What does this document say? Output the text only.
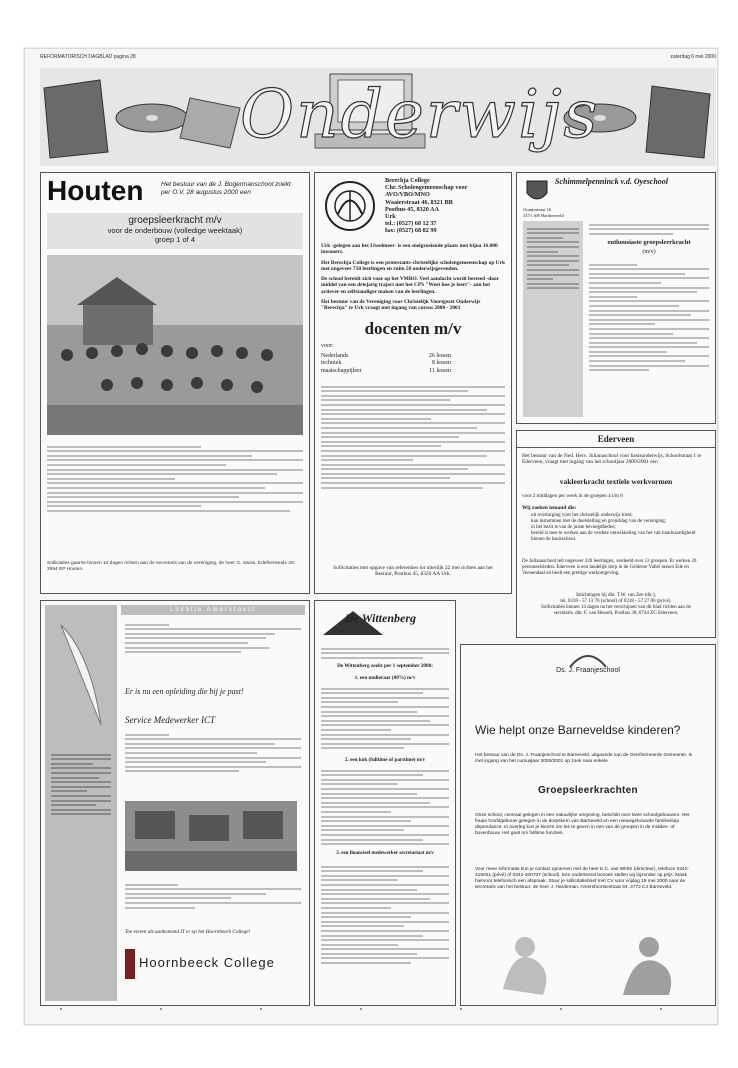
REFORMATORISCH DAGBLAD pagina 28	zaterdag 6 mei 2000
Onderwijs
Houten	Het bestuur van de J. Bogermanschool zoekt per O.V. 28 augustus 2000 een
groepsleerkracht m/v
voor de onderbouw (volledige weektaak)
groep 1 of 4
Solliciaties gaarne binnen 10 dagen richten aan de secretaris van de vereniging, de heer G. Swiss, Edelherweide 29, 3994 EP Houten.
Berechja College
Chr. Scholengemeenschap voor
AVO/VBO/MNO
Waaierstraat 46, 8321 BB
Postbus 45, 8320 AA
Urk
tel.: (0527) 68 12 37
fax: (0527) 68 82 99

Urk -gelegen aan het IJsselmeer- is een snelgroeiende plaats met bijna 16.000 inwoners.

Het Berechja College is een protestants-christelijke scholengemeenschap op Urk met ongeveer 750 leerlingen en ruim 50 onderwijsgevenden.

De school bereidt zich voor op het VMBO. Veel aandacht wordt besteed -door middel van een driejarig traject met het CPS "Weet hoe je leert"- aan het actiever en zelfstandiger maken van de leerlingen.

Het bestuur van de Vereniging voor Christelijk Voortgezet Onderwijs "Berechja" te Urk vraagt met ingang van cursus 2000 - 2001

docenten m/v
voor:
Nederlands	26 lessen
techniek	8 lessen
maatschappijleer	11 lessen
Sollicitaties met opgave van referenties tot uiterlijk 22 mei richten aan het Bestuur, Postbus 45, 8320 AA Urk.
Schimmelpenninck v.d. Oyeschool
Oranjestraat 16
3371 AH Hardinxveld
enthousiaste groepsleerkracht
(m/v)
Ederveen
Het bestuur van de Ned. Herv. Julianaschool voor basisonderwijs, Schoolstraat 1 te Ederveen, vraagt met ingang van het schooljaar 2000/2001 een
vakleerkracht textiele werkvormen
voor 2 middagen per week in de groepen 4 t/m 8
Wij zoeken iemand die:
uit overtuiging voor het christelijk onderwijs kiest;
kan instemmen met de doelstelling en grondslag van de vereniging;
in het bezit is van de juiste bevoegdheden;
bereid is mee te werken aan de verdere ontwikkeling van het vak handvaardigheid binnen de basisschool.
De Julianaschool telt ongeveer 320 leerlingen, verdeeld over 12 groepen. Er werken 20 personeelsleden. Ederveen is een landelijk dorp in de Gelderse Vallei tussen Ede en Veenendaal en biedt een prettige werkomgeving.
Inlichtingen bij dhr. T.W. van Zee (dir.),
tel. 0318 - 57 13 70 (school) of 0318 - 57 27 06 (privé).
Sollicitaties binnen 14 dagen na het verschijnen van dit blad richten aan de
secretaris, dhr. F. van Hesselt, Postbus 30, 6744 ZG Ederveen.
Locatie Amersfoort
Er is nu een opleiding die bij je past!
Service Medewerker ICT
Toe eieren als aankomend IT er op het Hoornbeeck College!
Hoornbeeck College
De Wittenberg
De Wittenberg zoekt per 1 september 2000:
1. een mulleraar (80%) m/v
2. een kok (fulltime of parttime) m/v
3. een financieel medewerker secretariaat m/v
Ds. J. Fraanjeschool
Wie helpt onze Barneveldse kinderen?
Het bestuur van de Ds. J. Fraanjeschool te Barneveld, uitgaande van de Gereformeerde Gemeente, is met ingang van het cursusjaar 2000/2001 op zoek naar enkele
Groepsleerkrachten
Onze school, centraal gelegen in een natuurlijke omgeving, beschikt over twee schoolgebouwen. Het fraaie hoofdgebouw gelegen in de dorpskern van Barneveld en een nieuwgebouwde familiesluip dependance. In overleg kun je kiezen om les te geven in een van de groepen in de midden- of bovenbouw. Het gaat om fulltime functies.
Voor meer informatie kun je contact opnemen met de heer E.C. van Wirtte (directeur), telefoon 0342-415021 (privé) of 0342-400707 (school). Een onderteend bezoek stellen wij bijzonder op prijs. Maak hiervoor telefonisch een afspraak. Stuur je sollicitatiebrief met CV voor vrijdag 19 mei 2000 naar de secretaris van het bestuur: de heer J. Hardeman, Amersfoortsestraat 34, 3772 CJ Barneveld.
